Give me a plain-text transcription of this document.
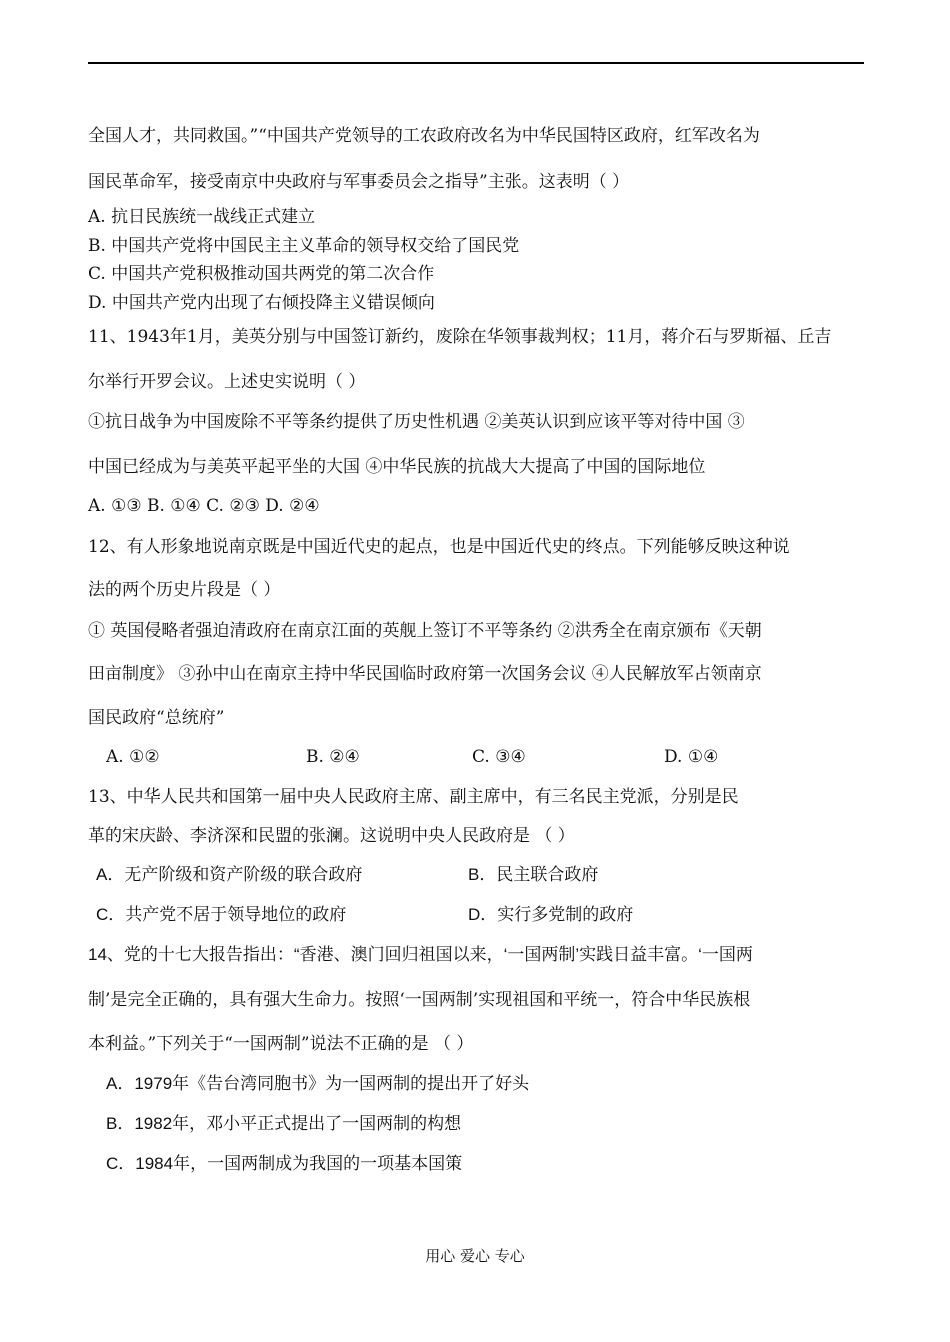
全国人才，共同救国。”“中国共产党领导的工农政府改名为中华民国特区政府，红军改名为
国民革命军，接受南京中央政府与军事委员会之指导”主张。这表明（ ）
A. 抗日民族统一战线正式建立
B. 中国共产党将中国民主主义革命的领导权交给了国民党
C. 中国共产党积极推动国共两党的第二次合作
D. 中国共产党内出现了右倾投降主义错误倾向
11、1943年1月，美英分别与中国签订新约，废除在华领事裁判权；11月，蒋介石与罗斯福、丘吉
尔举行开罗会议。上述史实说明（ ）
①抗日战争为中国废除不平等条约提供了历史性机遇 ②美英认识到应该平等对待中国 ③
中国已经成为与美英平起平坐的大国 ④中华民族的抗战大大提高了中国的国际地位
A. ①③ B. ①④ C. ②③ D. ②④
12、有人形象地说南京既是中国近代史的起点，也是中国近代史的终点。下列能够反映这种说
法的两个历史片段是（ ）
① 英国侵略者强迫清政府在南京江面的英舰上签订不平等条约 ②洪秀全在南京颁布《天朝
田亩制度》 ③孙中山在南京主持中华民国临时政府第一次国务会议 ④人民解放军占领南京
国民政府“总统府”
A. ①②	B. ②④	C. ③④	D. ①④
13、中华人民共和国第一届中央人民政府主席、副主席中，有三名民主党派，分别是民
革的宋庆龄、李济深和民盟的张澜。这说明中央人民政府是 （ ）
A．无产阶级和资产阶级的联合政府	B．民主联合政府
C．共产党不居于领导地位的政府	D．实行多党制的政府
14、党的十七大报告指出：“香港、澳门回归祖国以来，‘一国两制’实践日益丰富。‘一国两
制’是完全正确的，具有强大生命力。按照‘一国两制’实现祖国和平统一，符合中华民族根
本利益。”下列关于“一国两制”说法不正确的是 （ ）
A．1979年《告台湾同胞书》为一国两制的提出开了好头
B．1982年，邓小平正式提出了一国两制的构想
C．1984年，一国两制成为我国的一项基本国策
用心 爱心 专心
